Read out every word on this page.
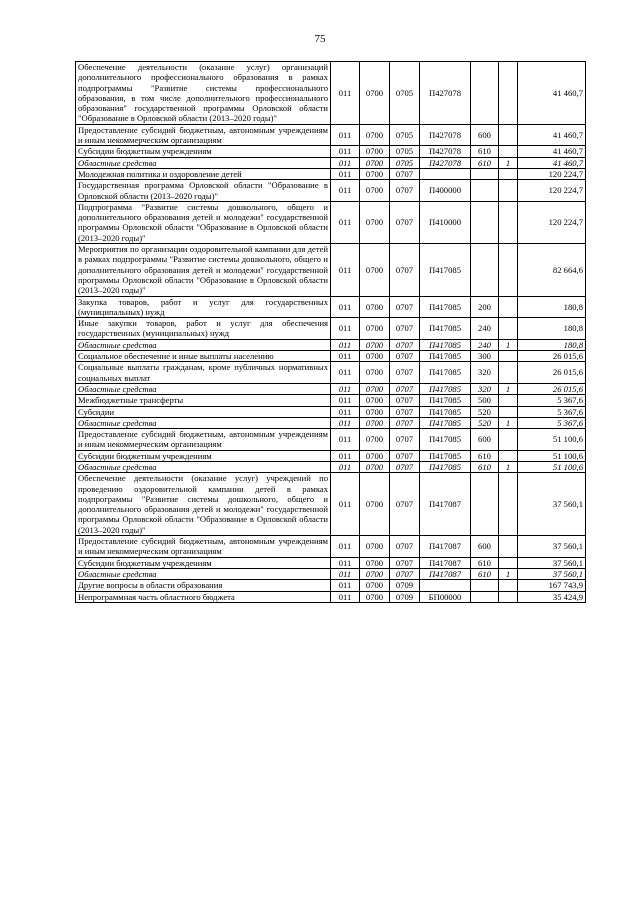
75
Обеспечение деятельности (оказание услуг) организаций дополнительного профессионального образования в рамках подпрограммы "Развитие системы профессионального образования, в том числе дополнительного профессионального образования" государственной программы Орловской области "Образование в Орловской области (2013–2020 годы)"	011	0700	0705	П427078			41 460,7
Предоставление субсидий бюджетным, автономным учреждениям и иным некоммерческим организациям	011	0700	0705	П427078	600		41 460,7
Субсидии бюджетным учреждениям	011	0700	0705	П427078	610		41 460,7
Областные средства	011	0700	0705	П427078	610	1	41 460,7
Молодежная политика и оздоровление детей	011	0700	0707				120 224,7
Государственная программа Орловской области "Образование в Орловской области (2013–2020 годы)"	011	0700	0707	П400000			120 224,7
Подпрограмма "Развитие системы дошкольного, общего и дополнительного образования детей и молодежи" государственной программы Орловской области "Образование в Орловской области (2013–2020 годы)"	011	0700	0707	П410000			120 224,7
Мероприятия по организации оздоровительной кампании для детей в рамках подпрограммы "Развитие системы дошкольного, общего и дополнительного образования детей и молодежи" государственной программы Орловской области "Образование в Орловской области (2013–2020 годы)"	011	0700	0707	П417085			82 664,6
Закупка товаров, работ и услуг для государственных (муниципальных) нужд	011	0700	0707	П417085	200		180,8
Иные закупки товаров, работ и услуг для обеспечения государственных (муниципальных) нужд	011	0700	0707	П417085	240		180,8
Областные средства	011	0700	0707	П417085	240	1	180,8
Социальное обеспечение и иные выплаты населению	011	0700	0707	П417085	300		26 015,6
Социальные выплаты гражданам, кроме публичных нормативных социальных выплат	011	0700	0707	П417085	320		26 015,6
Областные средства	011	0700	0707	П417085	320	1	26 015,6
Межбюджетные трансферты	011	0700	0707	П417085	500		5 367,6
Субсидии	011	0700	0707	П417085	520		5 367,6
Областные средства	011	0700	0707	П417085	520	1	5 367,6
Предоставление субсидий бюджетным, автономным учреждениям и иным некоммерческим организациям	011	0700	0707	П417085	600		51 100,6
Субсидии бюджетным учреждениям	011	0700	0707	П417085	610		51 100,6
Областные средства	011	0700	0707	П417085	610	1	51 100,6
Обеспечение деятельности (оказание услуг) учреждений по проведению оздоровительной кампании детей в рамках подпрограммы "Развитие системы дошкольного, общего и дополнительного образования детей и молодежи" государственной программы Орловской области "Образование в Орловской области (2013–2020 годы)"	011	0700	0707	П417087			37 560,1
Предоставление субсидий бюджетным, автономным учреждениям и иным некоммерческим организациям	011	0700	0707	П417087	600		37 560,1
Субсидии бюджетным учреждениям	011	0700	0707	П417087	610		37 560,1
Областные средства	011	0700	0707	П417087	610	1	37 560,1
Другие вопросы в области образования	011	0700	0709				167 743,9
Непрограммная часть областного бюджета	011	0700	0709	БП00000			35 424,9
